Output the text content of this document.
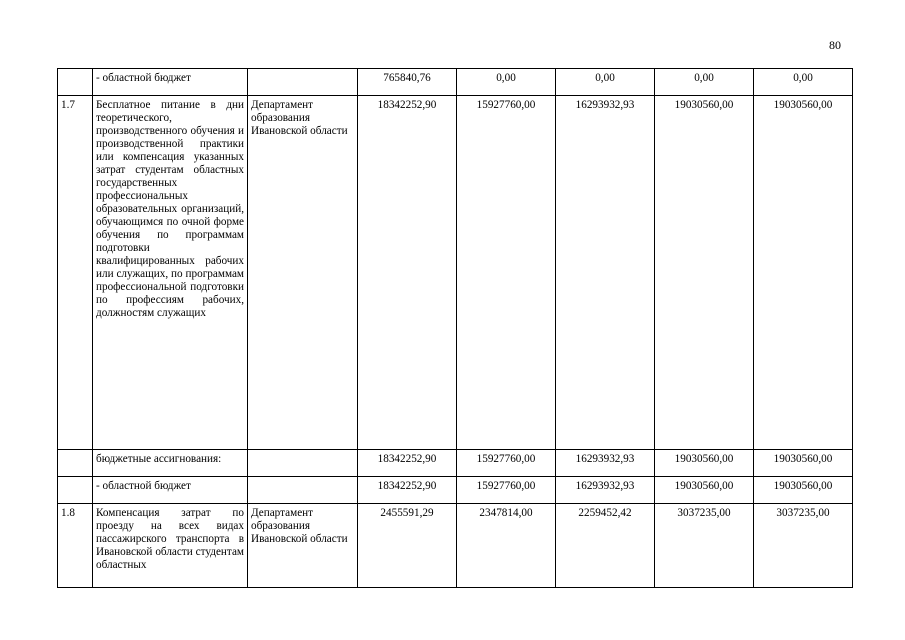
80
	- областной бюджет		765840,76	0,00	0,00	0,00	0,00
1.7	Бесплатное питание в дни теоретического, производственного обучения и производственной практики или компенсация указанных затрат студентам областных государственных профессиональных образовательных организаций, обучающимся по очной форме обучения по программам подготовки квалифицированных рабочих или служащих, по программам профессиональной подготовки по профессиям рабочих, должностям служащих	Департамент образования Ивановской области	18342252,90	15927760,00	16293932,93	19030560,00	19030560,00
	бюджетные ассигнования:		18342252,90	15927760,00	16293932,93	19030560,00	19030560,00
	- областной бюджет		18342252,90	15927760,00	16293932,93	19030560,00	19030560,00
1.8	Компенсация затрат по проезду на всех видах пассажирского транспорта в Ивановской области студентам областных	Департамент образования Ивановской области	2455591,29	2347814,00	2259452,42	3037235,00	3037235,00
